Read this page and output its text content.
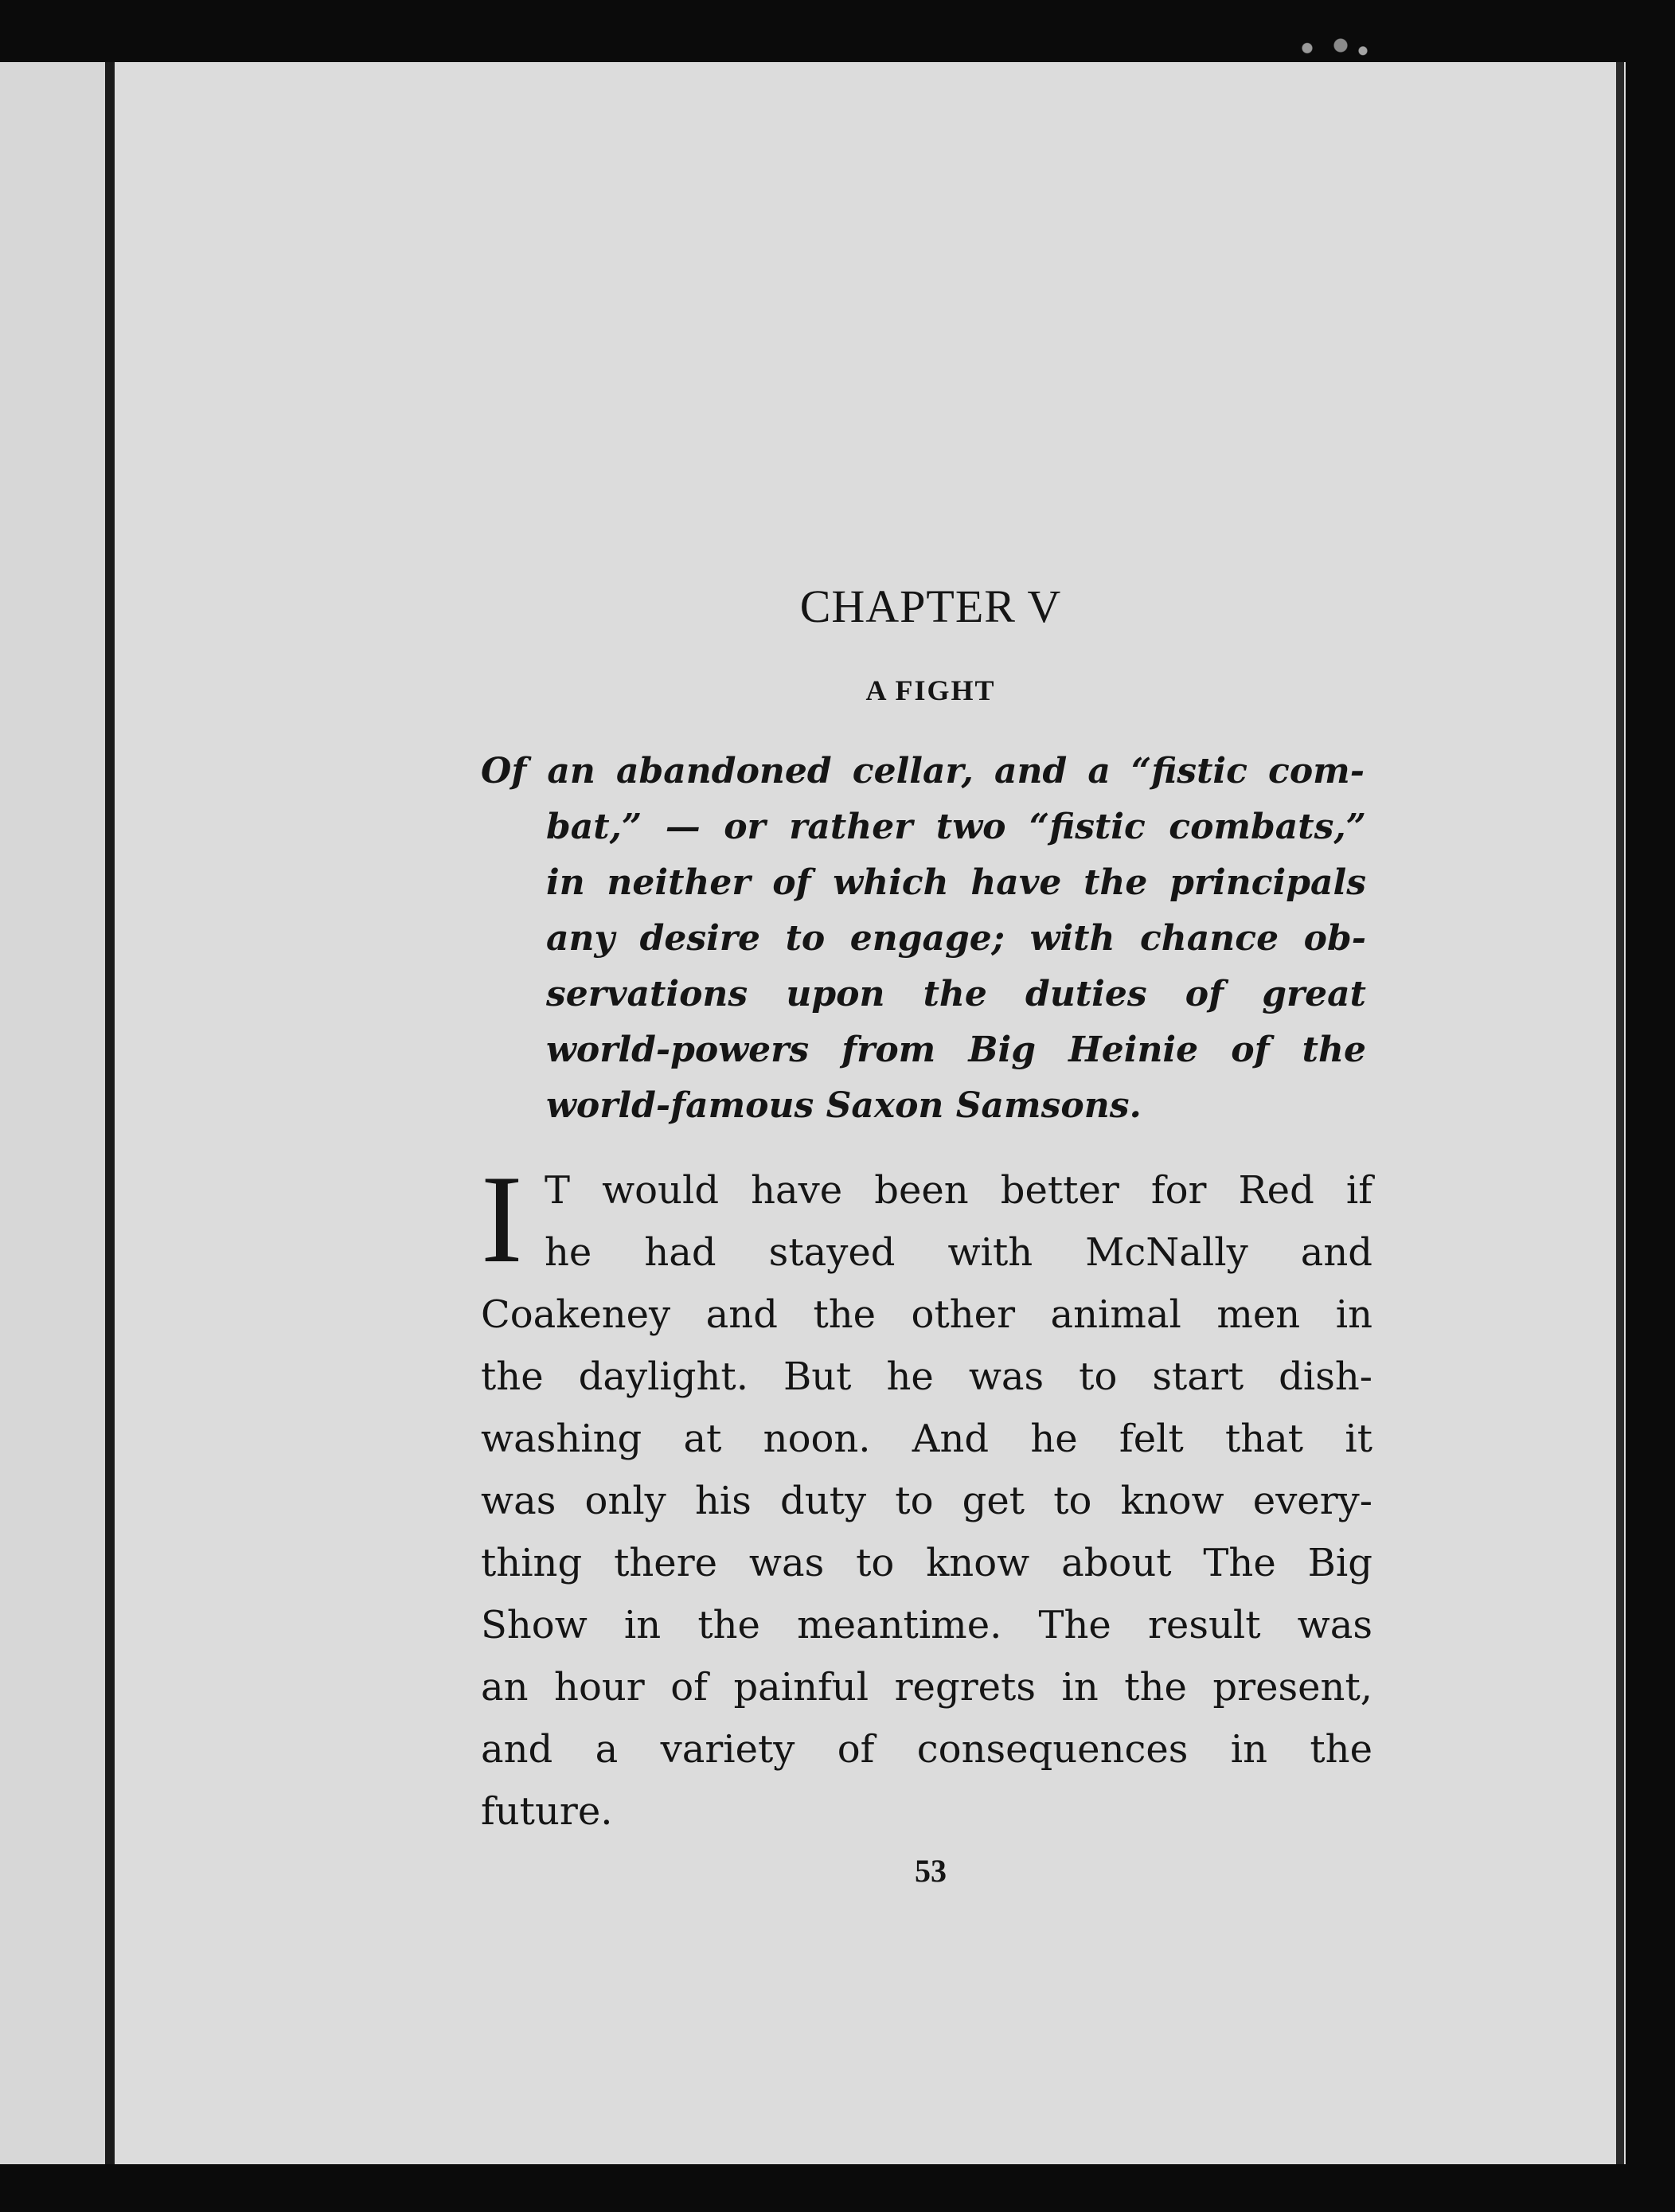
CHAPTER V
A FIGHT
Of an abandoned cellar, and a “fistic com-
bat,” — or rather two “fistic combats,”
in neither of which have the principals
any desire to engage; with chance ob-
servations upon the duties of great
world-powers from Big Heinie of the
world-famous Saxon Samsons.
I T would have been better for Red if
he had stayed with McNally and
Coakeney and the other animal men in
the daylight. But he was to start dish-
washing at noon. And he felt that it
was only his duty to get to know every-
thing there was to know about The Big
Show in the meantime. The result was
an hour of painful regrets in the present,
and a variety of consequences in the
future.
53
